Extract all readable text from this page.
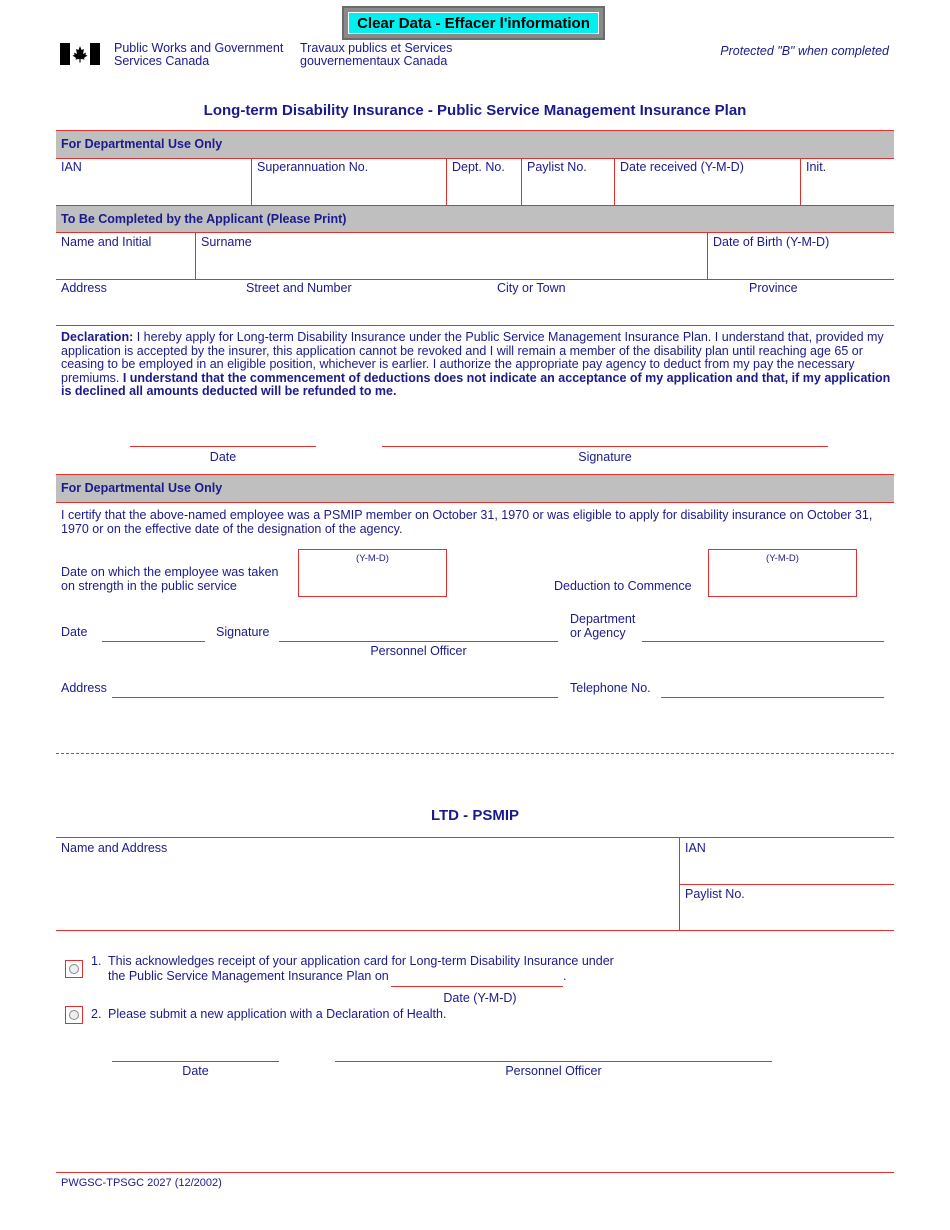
Clear Data - Effacer l'information
Public Works and Government
Services Canada
Travaux publics et Services
gouvernementaux Canada
Protected "B" when completed
Long-term Disability Insurance - Public Service Management Insurance Plan
For Departmental Use Only
IAN	Superannuation No.	Dept. No.	Paylist No.	Date received (Y-M-D)	Init.
To Be Completed by the Applicant (Please Print)
Name and Initial	Surname	Date of Birth (Y-M-D)
Address	Street and Number	City or Town	Province
Declaration: I hereby apply for Long-term Disability Insurance under the Public Service Management Insurance Plan. I understand that, provided my application is accepted by the insurer, this application cannot be revoked and I will remain a member of the disability plan until reaching age 65 or ceasing to be employed in an eligible position, whichever is earlier. I authorize the appropriate pay agency to deduct from my pay the necessary premiums. I understand that the commencement of deductions does not indicate an acceptance of my application and that, if my application is declined all amounts deducted will be refunded to me.
Date	Signature
For Departmental Use Only
I certify that the above-named employee was a PSMIP member on October 31, 1970 or was eligible to apply for disability insurance on October 31, 1970 or on the effective date of the designation of the agency.
Date on which the employee was taken
on strength in the public service
(Y-M-D)
Deduction to Commence
(Y-M-D)
Date	Signature
Personnel Officer
Department
or Agency
Address	Telephone No.
LTD - PSMIP
Name and Address	IAN
Paylist No.
1. This acknowledges receipt of your application card for Long-term Disability Insurance under
the Public Service Management Insurance Plan on	.
Date (Y-M-D)
2. Please submit a new application with a Declaration of Health.
Date	Personnel Officer
PWGSC-TPSGC 2027 (12/2002)
